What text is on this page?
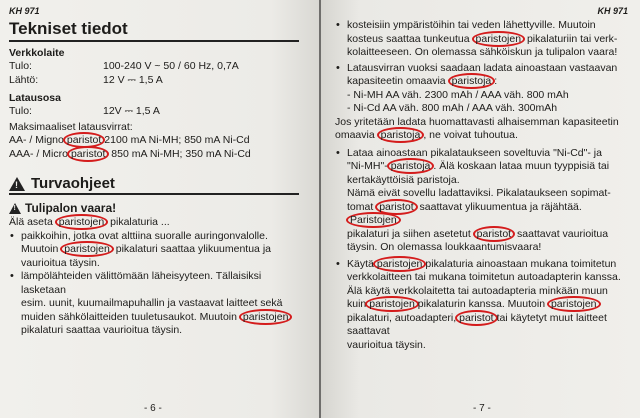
KH 971
Tekniset tiedot
Verkkolaite
Tulo:	100-240 V ~ 50 / 60 Hz, 0,7A
Lähtö:	12 V ⎓ 1,5 A
Latausosa
Tulo:	12V ⎓ 1,5 A
Maksimaaliset latausvirrat:
AA- / Migno paristot 2100 mA Ni-MH; 850 mA Ni-Cd
AAA- / Micro paristot 850 mA Ni-MH; 350 mA Ni-Cd
!
Turvaohjeet
!
Tulipalon vaara!
Älä aseta paristojen pikalaturia ...
• paikkoihin, jotka ovat alttiina suoralle auringonvalolle.
Muutoin paristojen pikalaturi saattaa ylikuumentua ja
vaurioitua täysin.
• lämpölähteiden välittömään läheisyyteen. Tällaisiksi lasketaan
esim. uunit, kuumailmapuhallin ja vastaavat laitteet sekä
muiden sähkölaitteiden tuuletusaukot. Muutoin paristojen
pikalaturi saattaa vaurioitua täysin.
- 6 -
KH 971
• kosteisiin ympäristöihin tai veden lähettyville. Muutoin
kosteus saattaa tunkeutua paristojen pikalaturiin tai verk-
kolaitteeseen. On olemassa sähköiskun ja tulipalon vaara!
• Latausvirran vuoksi saadaan ladata ainoastaan vastaavan
kapasiteetin omaavia paristoja :
- Ni-MH AA väh. 2300 mAh / AAA väh. 800 mAh
- Ni-Cd AA väh. 800 mAh / AAA väh. 300mAh
Jos yritetään ladata huomattavasti alhaisemman kapasiteetin
omaavia paristoja , ne voivat tuhoutua.
• Lataa ainoastaan pikalataukseen soveltuvia "Ni-Cd"- ja
"Ni-MH"- paristoja . Älä koskaan lataa muun tyyppisiä tai
kertakäyttöisiä paristoja.
Nämä eivät sovellu ladattaviksi. Pikalataukseen sopimat-
tomat paristot saattavat ylikuumentua ja räjähtää. Paristojen
pikalaturi ja siihen asetetut paristot saattavat vaurioitua
täysin. On olemassa loukkaantumisvaara!
• Käytä paristojen pikalaturia ainoastaan mukana toimitetun
verkkolaitteen tai mukana toimitetun autoadapterin kanssa.
Älä käytä verkkolaitetta tai autoadapteria minkään muun
kuin paristojen pikalaturin kanssa. Muutoin paristojen
pikalaturi, autoadapteri, paristot tai käytetyt muut laitteet saattavat
vaurioitua täysin.
- 7 -
